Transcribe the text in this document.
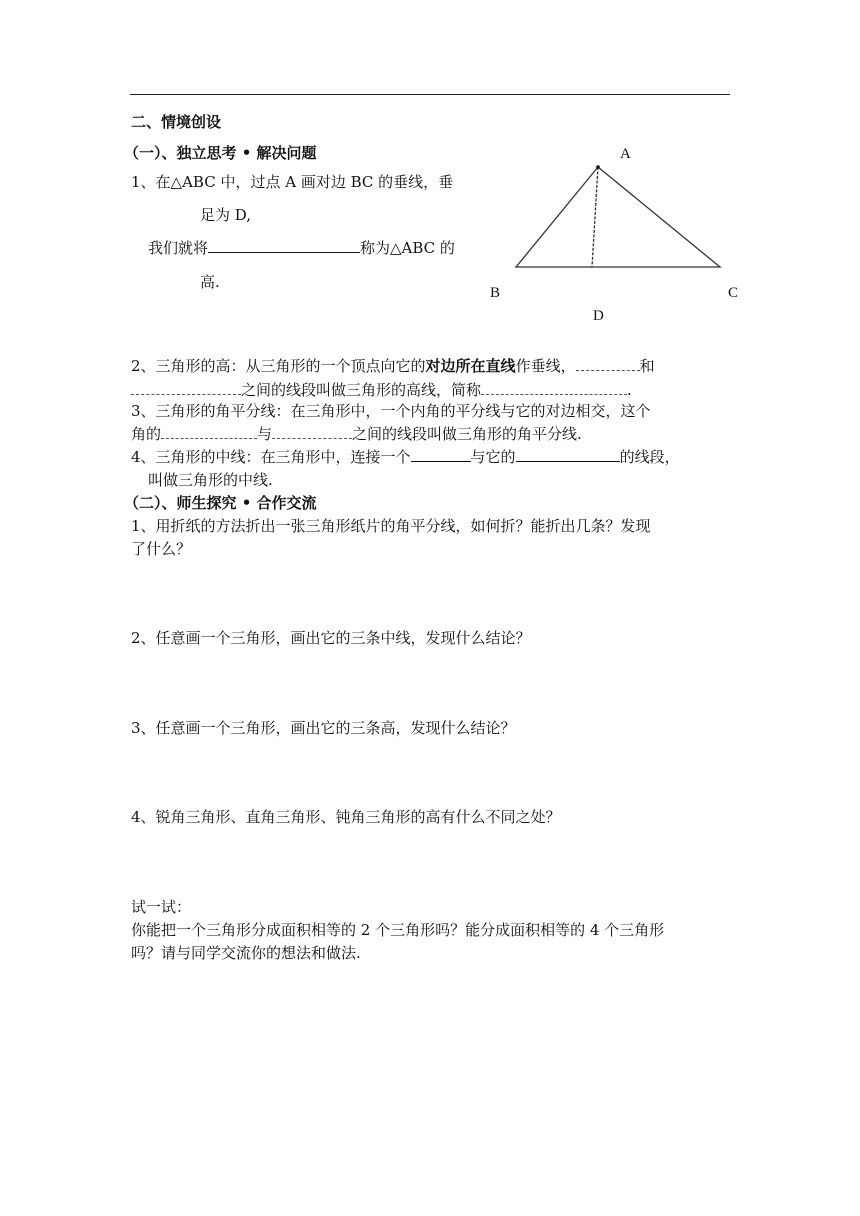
二、情境创设
（一）、独立思考 • 解决问题
1、在△ABC 中，过点 A 画对边 BC 的垂线，垂
足为 D,
我们就将	称为△ABC 的
高.
A
B	C
D
2、三角形的高：从三角形的一个顶点向它的对边所在直线作垂线，	和
之间的线段叫做三角形的高线，简称	.
3、三角形的角平分线：在三角形中，一个内角的平分线与它的对边相交，这个
角的	与	之间的线段叫做三角形的角平分线.
4、三角形的中线：在三角形中，连接一个	与它的	的线段，
叫做三角形的中线.
（二）、师生探究 • 合作交流
1、用折纸的方法折出一张三角形纸片的角平分线，如何折？能折出几条？发现
了什么？
2、任意画一个三角形，画出它的三条中线，发现什么结论？
3、任意画一个三角形，画出它的三条高，发现什么结论？
4、锐角三角形、直角三角形、钝角三角形的高有什么不同之处？
试一试：
你能把一个三角形分成面积相等的 2 个三角形吗？能分成面积相等的 4 个三角形
吗？请与同学交流你的想法和做法.
